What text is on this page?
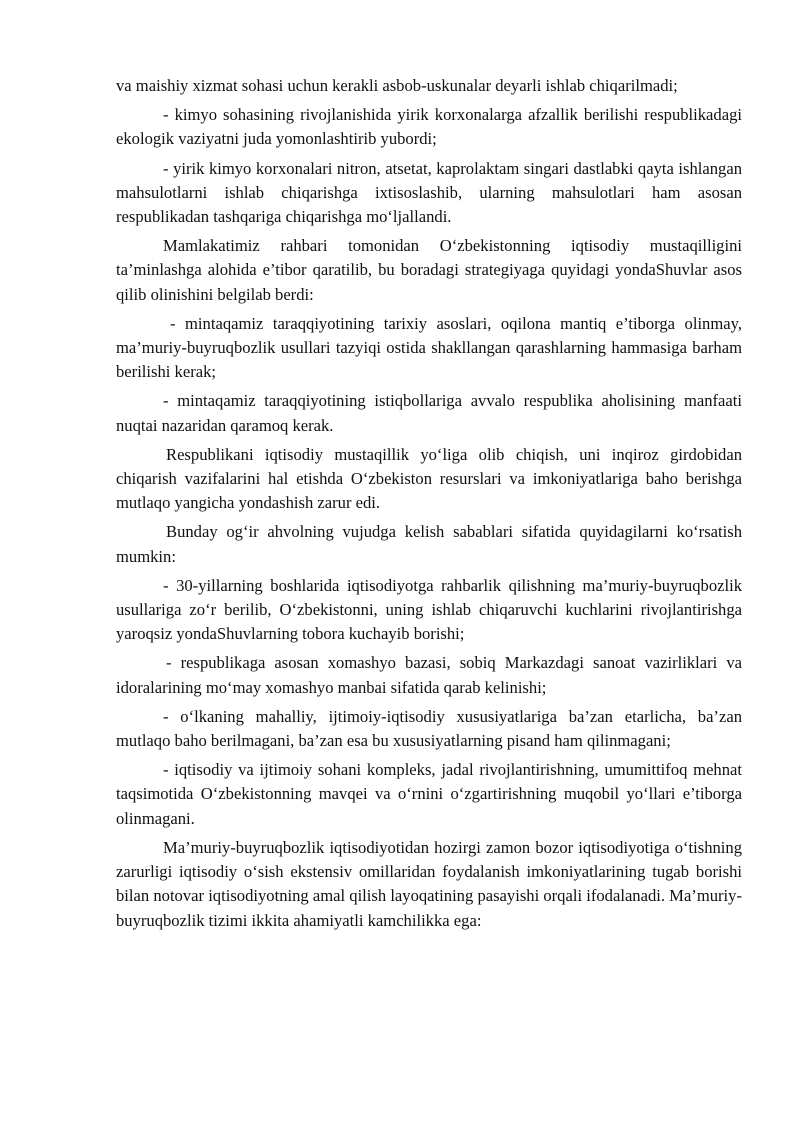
va maishiy xizmat sohasi uchun kerakli asbob-uskunalar deyarli ishlab chiqarilmadi;

- kimyo sohasining rivojlanishida yirik korxonalarga afzallik berilishi respublikadagi ekologik vaziyatni juda yomonlashtirib yubordi;

- yirik kimyo korxonalari nitron, atsetat, kaprolaktam singari dastlabki qayta ishlangan mahsulotlarni ishlab chiqarishga ixtisoslashib, ularning mahsulotlari ham asosan respublikadan tashqariga chiqarishga mo‘ljallandi.

Mamlakatimiz rahbari tomonidan O‘zbekistonning iqtisodiy mustaqilligini ta’minlashga alohida e’tibor qaratilib, bu boradagi strategiyaga quyidagi yondaShuvlar asos qilib olinishini belgilab berdi:

- mintaqamiz taraqqiyotining tarixiy asoslari, oqilona mantiq e’tiborga olinmay, ma’muriy-buyruqbozlik usullari tazyiqi ostida shakllangan qarashlarning hammasiga barham berilishi kerak;

- mintaqamiz taraqqiyotining istiqbollariga avvalo respublika aholisining manfaati nuqtai nazaridan qaramoq kerak.

Respublikani iqtisodiy mustaqillik yo‘liga olib chiqish, uni inqiroz girdobidan chiqarish vazifalarini hal etishda O‘zbekiston resurslari va imkoniyatlariga baho berishga mutlaqo yangicha yondashish zarur edi.

Bunday og‘ir ahvolning vujudga kelish sabablari sifatida quyidagilarni ko‘rsatish mumkin:

- 30-yillarning boshlarida iqtisodiyotga rahbarlik qilishning ma’muriy-buyruqbozlik usullariga zo‘r berilib, O‘zbekistonni, uning ishlab chiqaruvchi kuchlarini rivojlantirishga yaroqsiz yondaShuvlarning tobora kuchayib borishi;

- respublikaga asosan xomashyo bazasi, sobiq Markazdagi sanoat vazirliklari va idoralarining mo‘may xomashyo manbai sifatida qarab kelinishi;

- o‘lkaning mahalliy, ijtimoiy-iqtisodiy xususiyatlariga ba’zan etarlicha, ba’zan mutlaqo baho berilmagani, ba’zan esa bu xususiyatlarning pisand ham qilinmagani;

- iqtisodiy va ijtimoiy sohani kompleks, jadal rivojlantirishning, umumittifoq mehnat taqsimotida O‘zbekistonning mavqei va o‘rnini o‘zgartirishning muqobil yo‘llari e’tiborga olinmagani.

Ma’muriy-buyruqbozlik iqtisodiyotidan hozirgi zamon bozor iqtisodiyotiga o‘tishning zarurligi iqtisodiy o‘sish ekstensiv omillaridan foydalanish imkoniyatlarining tugab borishi bilan notovar iqtisodiyotning amal qilish layoqatining pasayishi orqali ifodalanadi. Ma’muriy-buyruqbozlik tizimi ikkita ahamiyatli kamchilikka ega:
